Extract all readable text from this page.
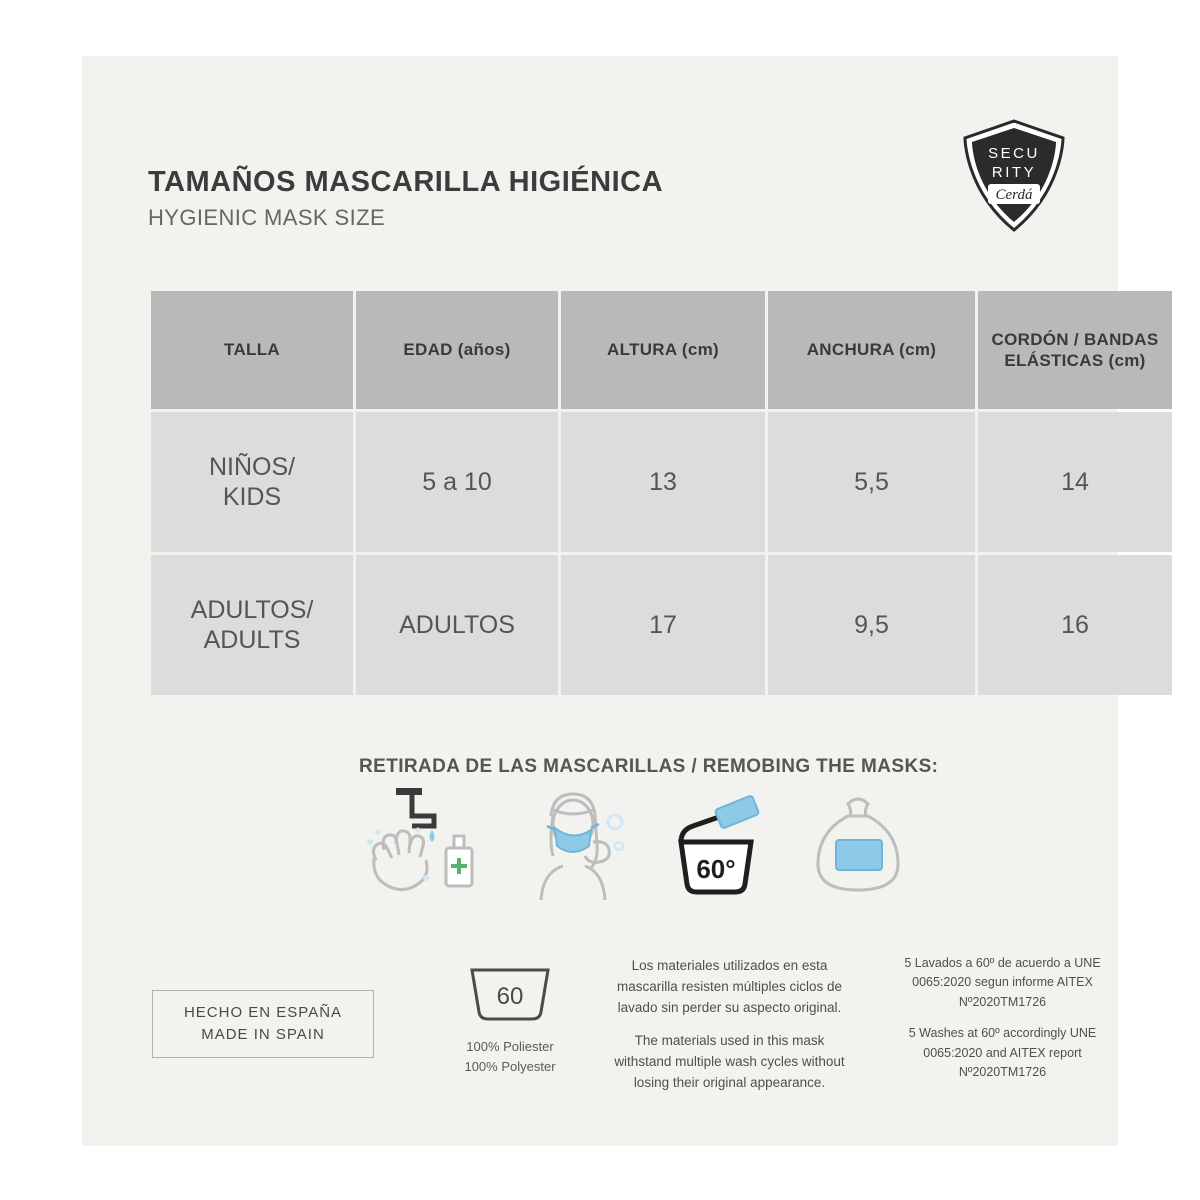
TAMAÑOS MASCARILLA HIGIÉNICA

HYGIENIC MASK SIZE

SECU
RITY
Cerdá
TALLA	EDAD (años)	ALTURA (cm)	ANCHURA (cm)	CORDÓN / BANDAS
ELÁSTICAS (cm)
NIÑOS/
KIDS	5 a 10	13	5,5	14
ADULTOS/
ADULTS	ADULTOS	17	9,5	16
RETIRADA DE LAS MASCARILLAS / REMOBING THE MASKS:
60°
HECHO EN ESPAÑA
MADE IN SPAIN
60
100% Poliester
100% Polyester

Los materiales utilizados en esta mascarilla resisten múltiples ciclos de lavado sin perder su aspecto original.

The materials used in this mask withstand multiple wash cycles without losing their original appearance.

5 Lavados a 60º de acuerdo a UNE 0065:2020 segun informe AITEX Nº2020TM1726

5 Washes at 60º accordingly UNE 0065:2020 and AITEX report Nº2020TM1726
